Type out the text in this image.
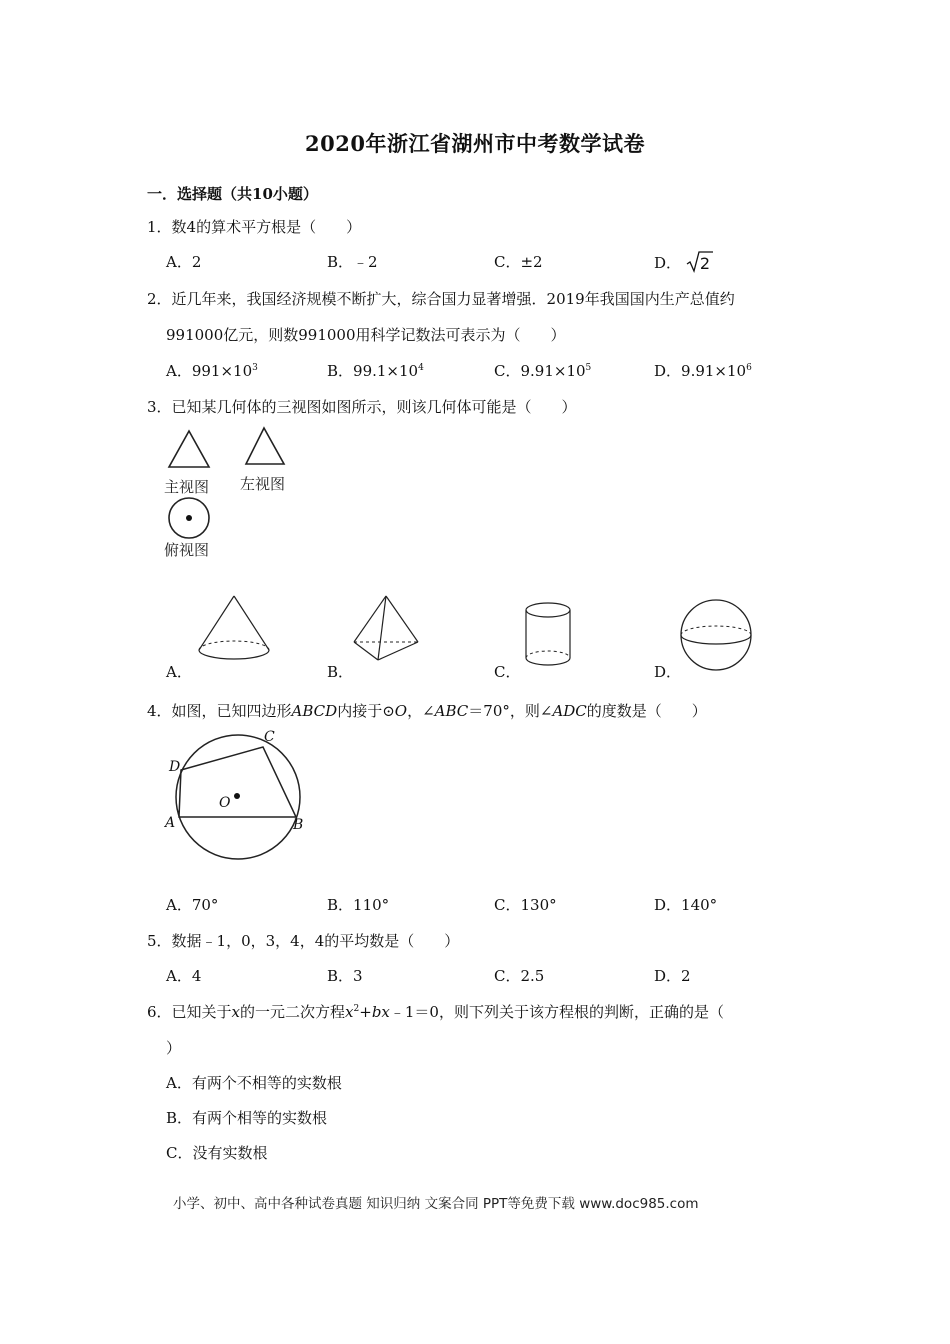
2020年浙江省湖州市中考数学试卷
一．选择题（共10小题）
1．数4的算术平方根是（　　）
A．2	B．﹣2	C．±2	D． 2
2．近几年来，我国经济规模不断扩大，综合国力显著增强．2019年我国国内生产总值约
991000亿元，则数991000用科学记数法可表示为（　　）
A．$991\times 10^3$	B．$99.1\times 10^4$	C．$9.91\times 10^5$	D．$9.91\times 10^6$
3．已知某几何体的三视图如图所示，则该几何体可能是（　　）
主视图 左视图
俯视图
A．	B．	C．	D．
4．如图，已知四边形ABCD内接于⊙O，∠ABC＝70°，则∠ADC的度数是（　　）
C
D
O
A	B
A．70°	B．110°	C．130°	D．140°
5．数据﹣1，0，3，4，4的平均数是（　　）
A．4	B．3	C．2.5	D．2
6．已知关于x的一元二次方程$x^2+bx﹣1=0$，则下列关于该方程根的判断，正确的是（
）
A．有两个不相等的实数根
B．有两个相等的实数根
C．没有实数根
小学、初中、高中各种试卷真题 知识归纳 文案合同 PPT等免费下载 www.doc985.com
